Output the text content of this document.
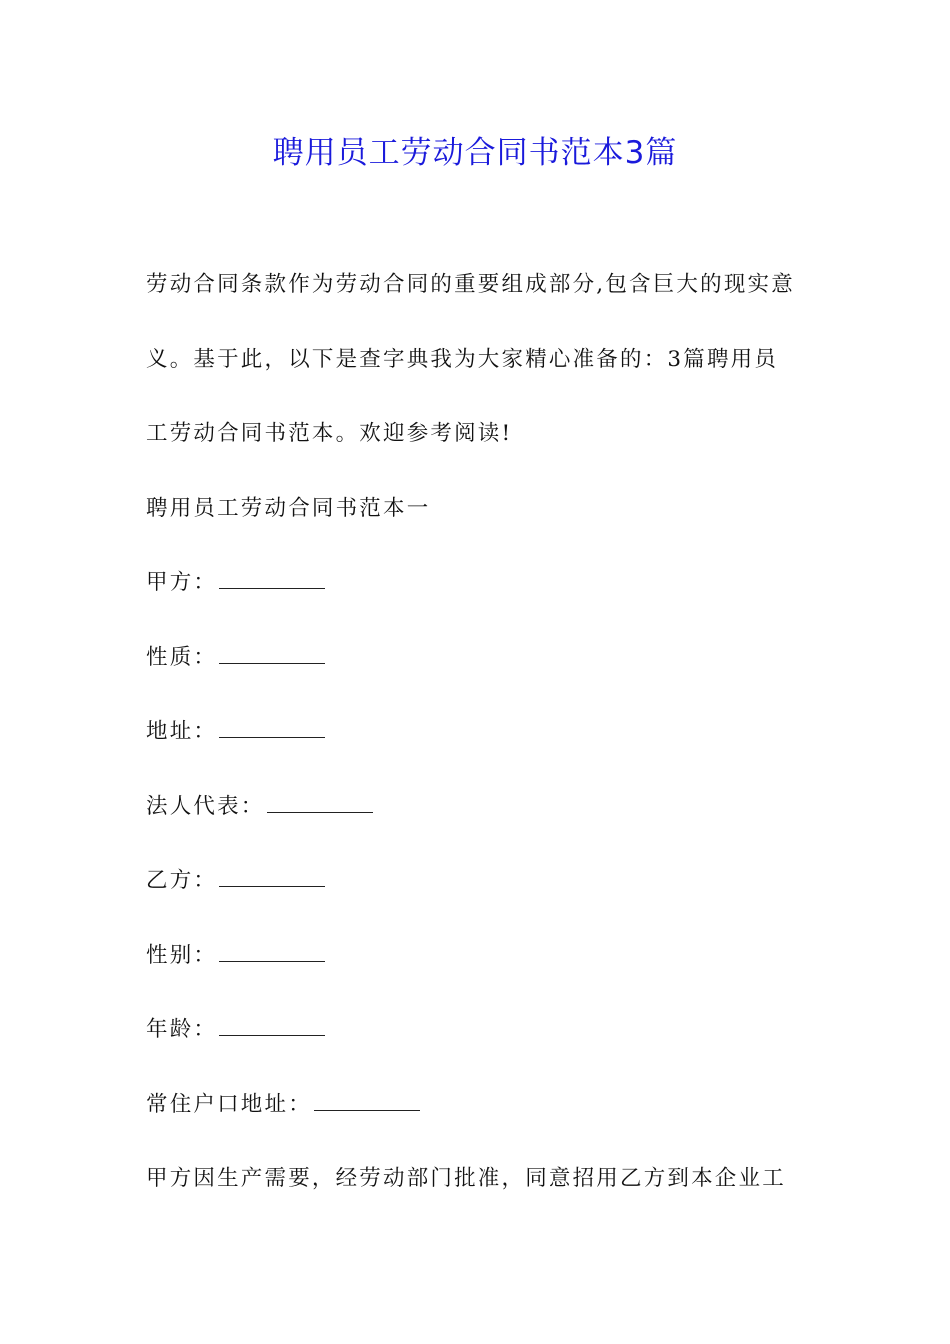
聘用员工劳动合同书范本3篇
劳动合同条款作为劳动合同的重要组成部分,包含巨大的现实意
义。基于此，以下是查字典我为大家精心准备的：3篇聘用员
工劳动合同书范本。欢迎参考阅读!
聘用员工劳动合同书范本一
甲方：
性质：
地址：
法人代表：
乙方：
性别：
年龄：
常住户口地址：
甲方因生产需要，经劳动部门批准，同意招用乙方到本企业工
